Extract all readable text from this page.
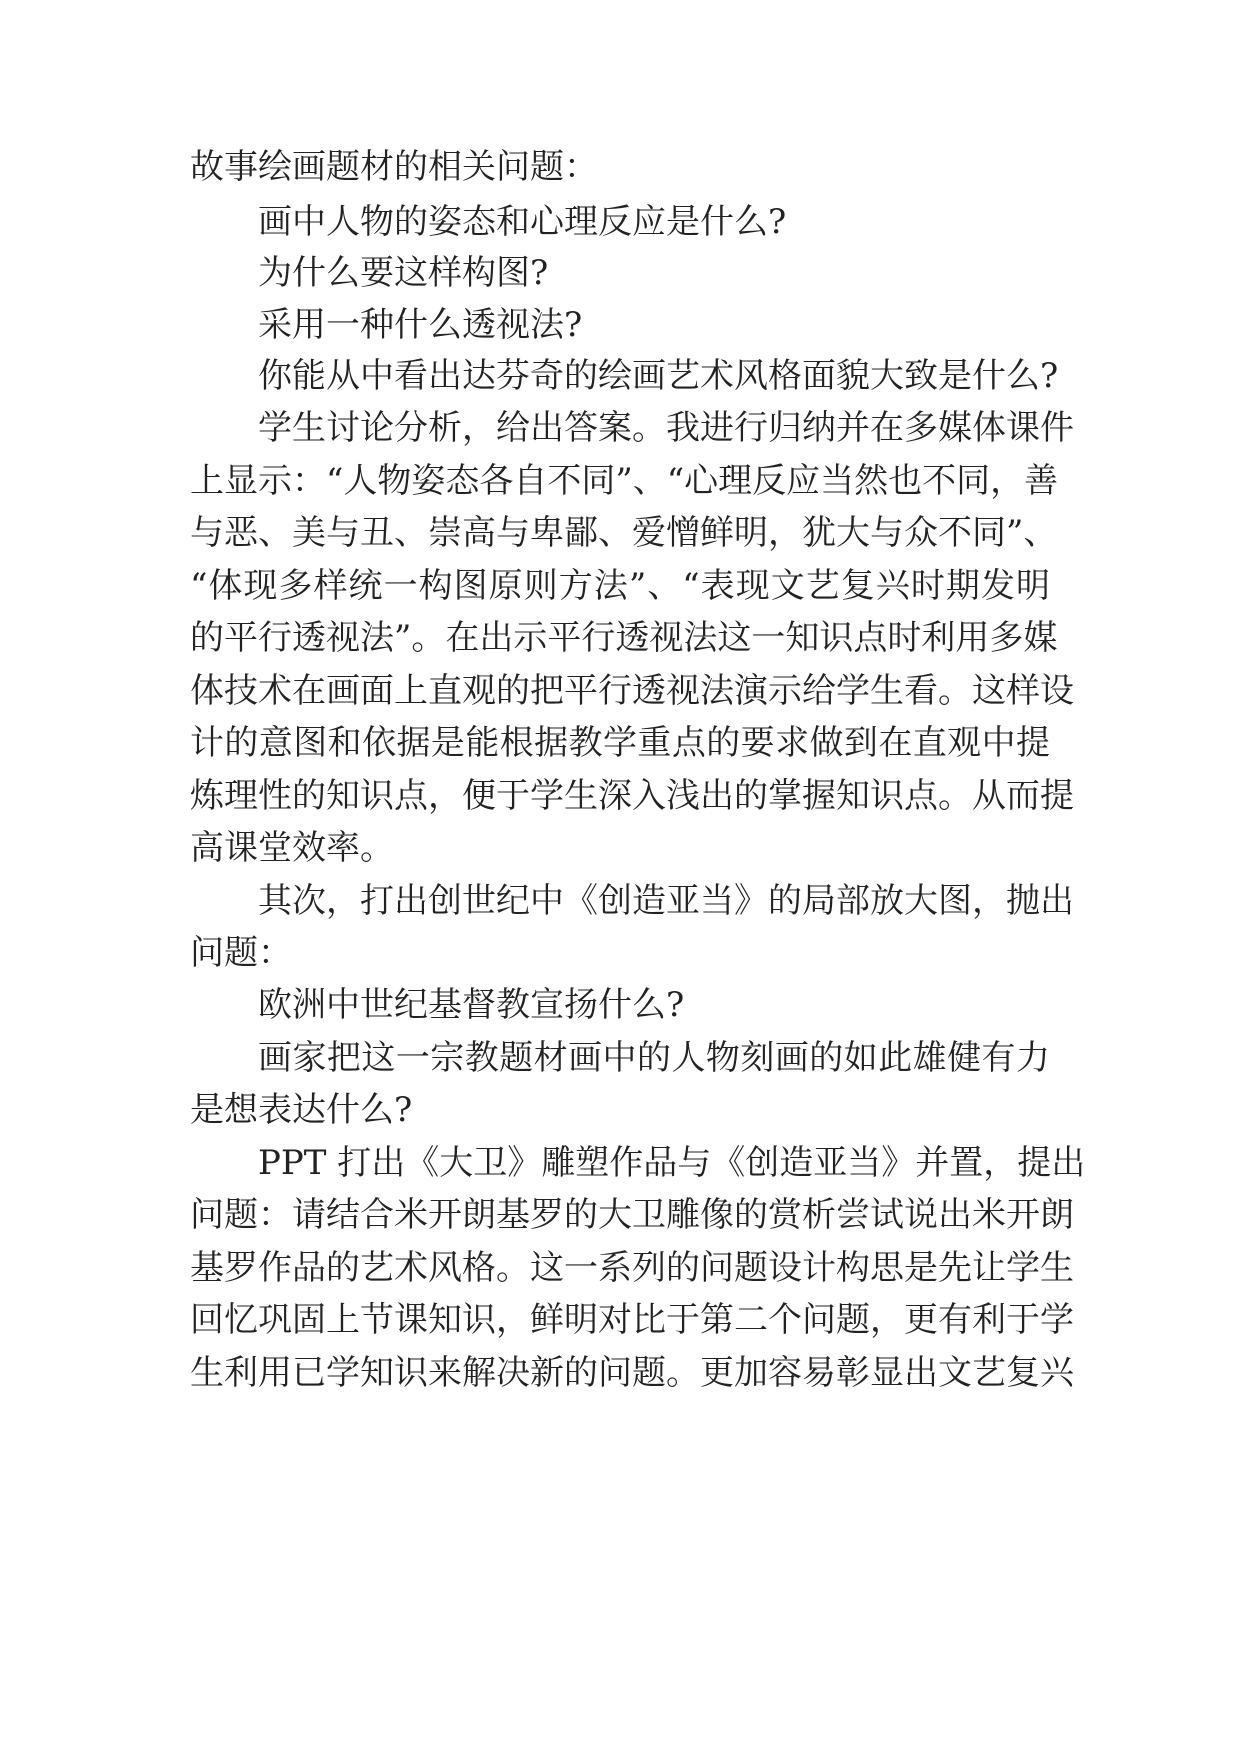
故事绘画题材的相关问题：
画中人物的姿态和心理反应是什么?
为什么要这样构图?
采用一种什么透视法?
你能从中看出达芬奇的绘画艺术风格面貌大致是什么?
学生讨论分析，给出答案。我进行归纳并在多媒体课件
上显示：“人物姿态各自不同”、“心理反应当然也不同，善
与恶、美与丑、崇高与卑鄙、爱憎鲜明，犹大与众不同”、
“体现多样统一构图原则方法”、“表现文艺复兴时期发明
的平行透视法”。在出示平行透视法这一知识点时利用多媒
体技术在画面上直观的把平行透视法演示给学生看。这样设
计的意图和依据是能根据教学重点的要求做到在直观中提
炼理性的知识点，便于学生深入浅出的掌握知识点。从而提
高课堂效率。
其次，打出创世纪中《创造亚当》的局部放大图，抛出
问题：
欧洲中世纪基督教宣扬什么?
画家把这一宗教题材画中的人物刻画的如此雄健有力
是想表达什么?
PPT 打出《大卫》雕塑作品与《创造亚当》并置，提出
问题：请结合米开朗基罗的大卫雕像的赏析尝试说出米开朗
基罗作品的艺术风格。这一系列的问题设计构思是先让学生
回忆巩固上节课知识，鲜明对比于第二个问题，更有利于学
生利用已学知识来解决新的问题。更加容易彰显出文艺复兴
